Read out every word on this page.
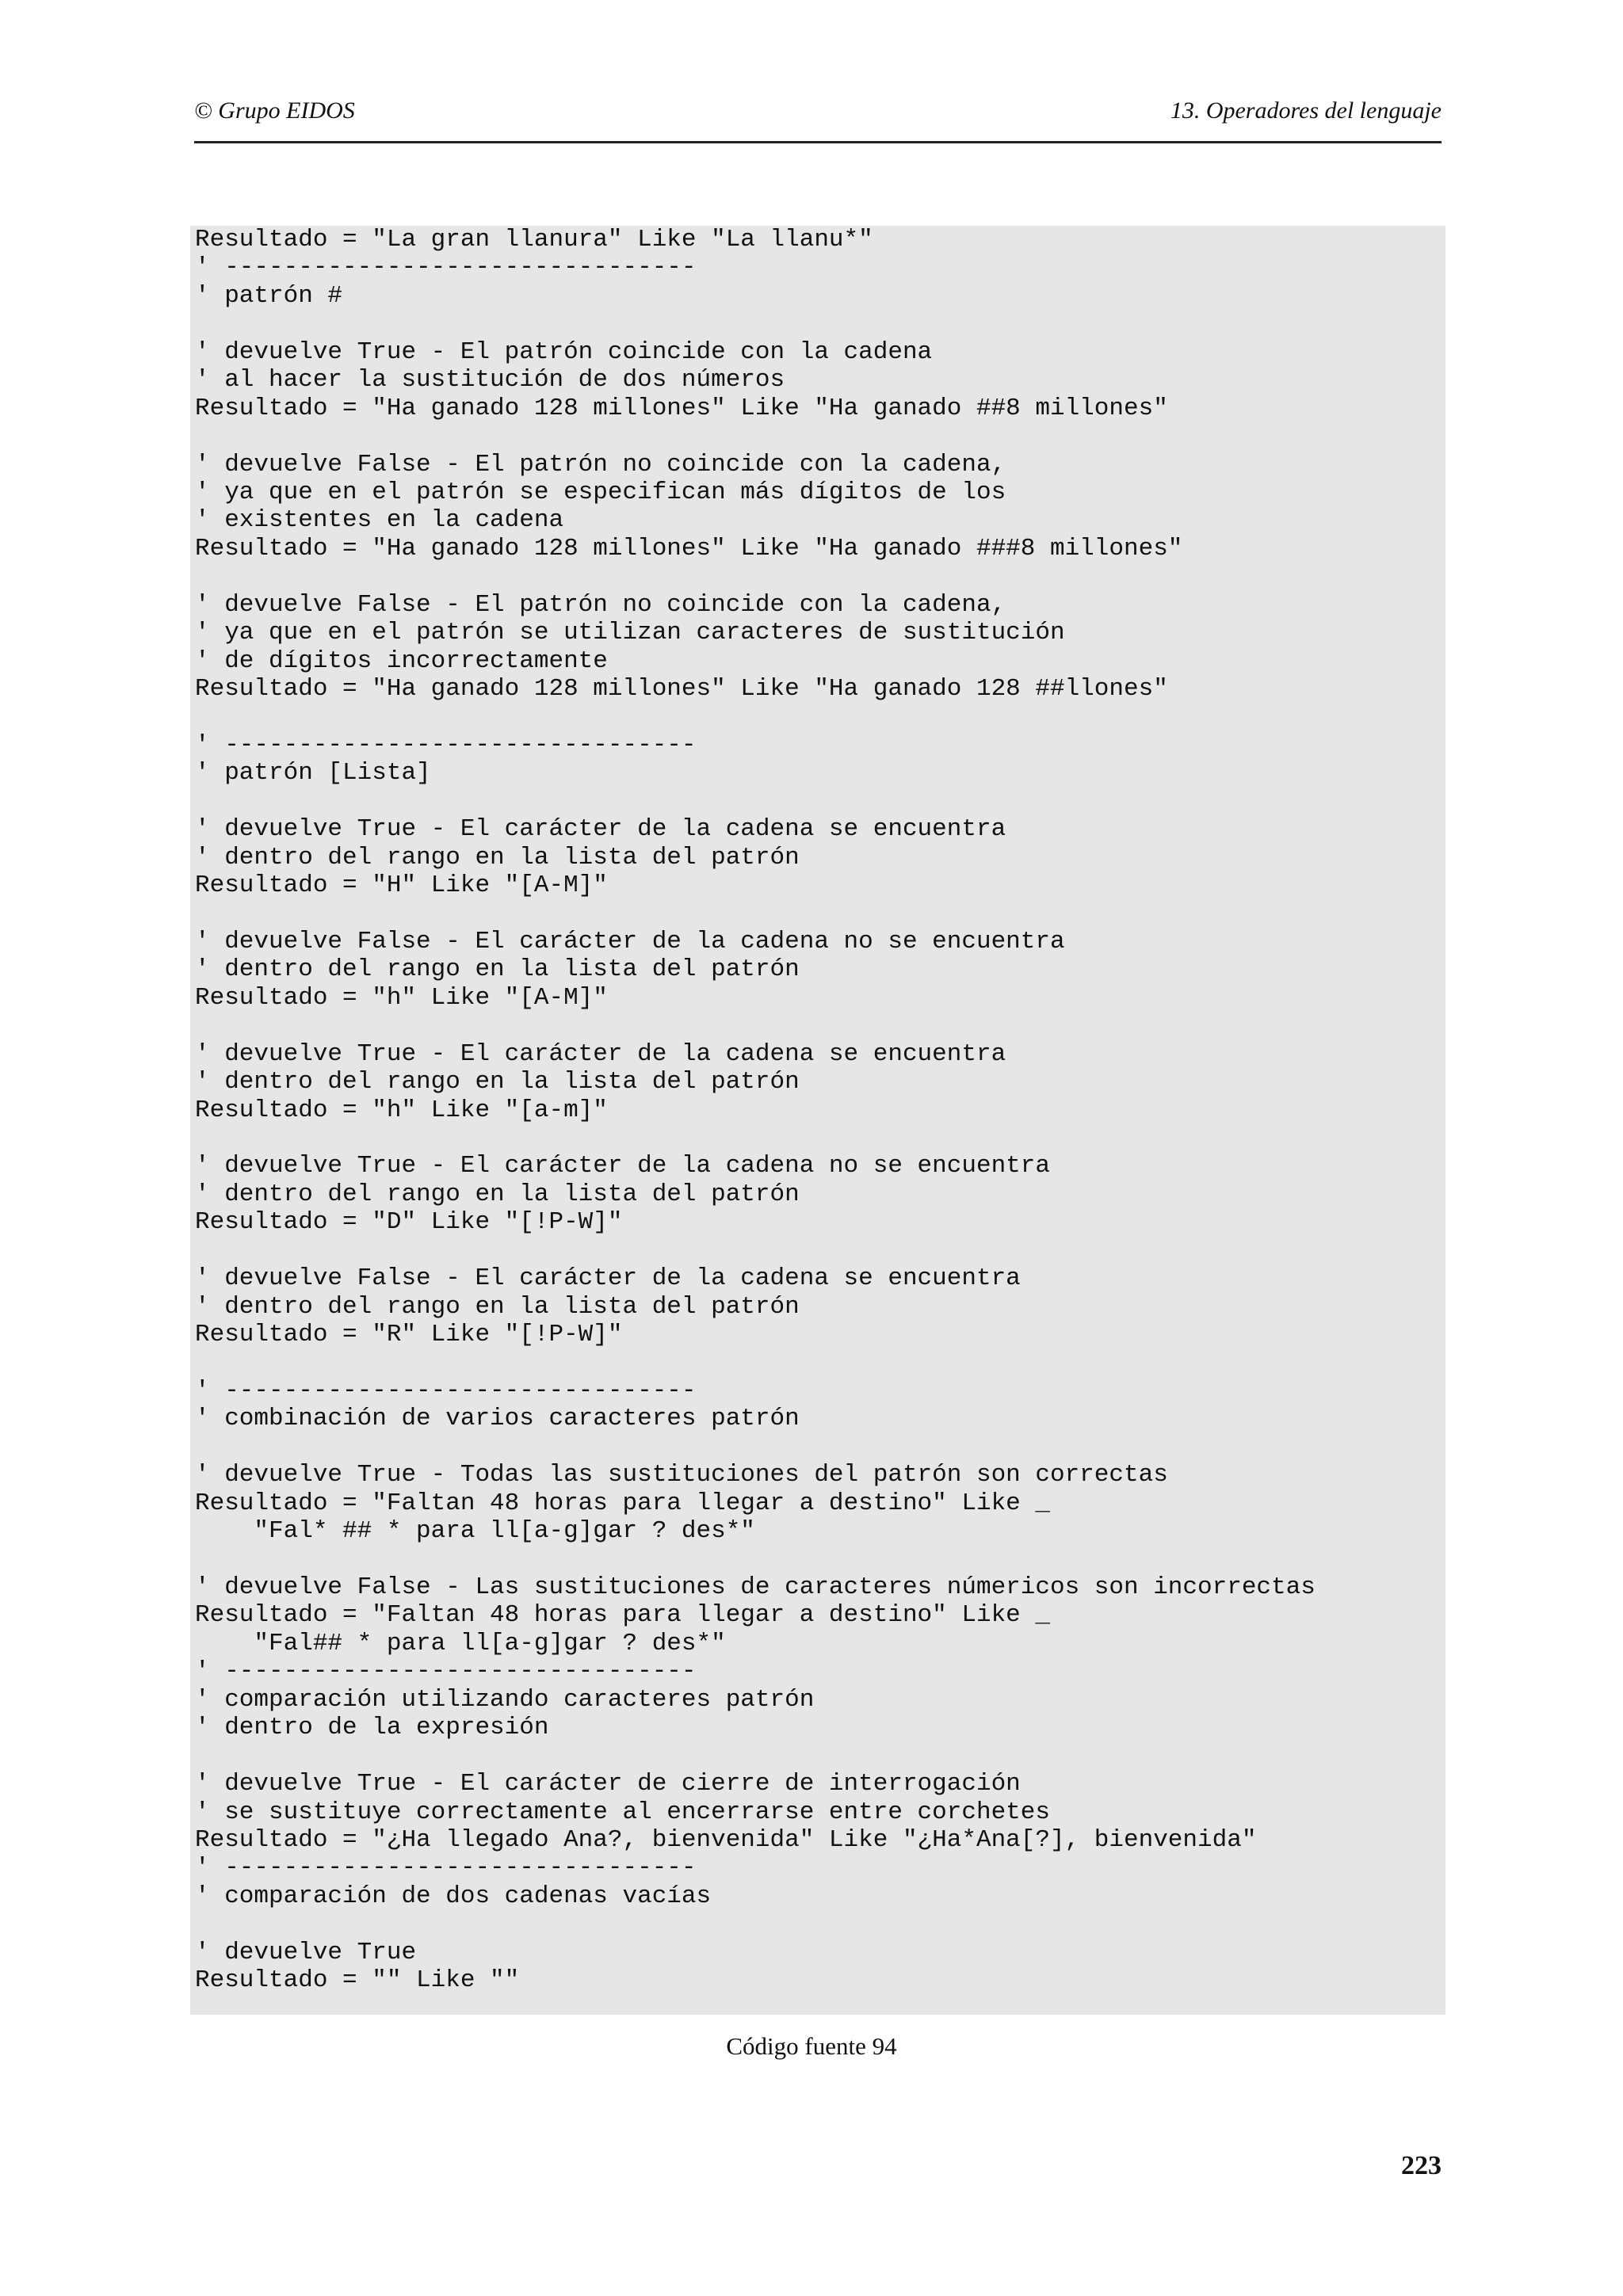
© Grupo EIDOS	13. Operadores del lenguaje
Resultado = "La gran llanura" Like "La llanu*"
' --------------------------------
' patrón #
' devuelve True - El patrón coincide con la cadena
' al hacer la sustitución de dos números
Resultado = "Ha ganado 128 millones" Like "Ha ganado ##8 millones"
' devuelve False - El patrón no coincide con la cadena,
' ya que en el patrón se especifican más dígitos de los
' existentes en la cadena
Resultado = "Ha ganado 128 millones" Like "Ha ganado ###8 millones"
' devuelve False - El patrón no coincide con la cadena,
' ya que en el patrón se utilizan caracteres de sustitución
' de dígitos incorrectamente
Resultado = "Ha ganado 128 millones" Like "Ha ganado 128 ##llones"
' --------------------------------
' patrón [Lista]
' devuelve True - El carácter de la cadena se encuentra
' dentro del rango en la lista del patrón
Resultado = "H" Like "[A-M]"
' devuelve False - El carácter de la cadena no se encuentra
' dentro del rango en la lista del patrón
Resultado = "h" Like "[A-M]"
' devuelve True - El carácter de la cadena se encuentra
' dentro del rango en la lista del patrón
Resultado = "h" Like "[a-m]"
' devuelve True - El carácter de la cadena no se encuentra
' dentro del rango en la lista del patrón
Resultado = "D" Like "[!P-W]"
' devuelve False - El carácter de la cadena se encuentra
' dentro del rango en la lista del patrón
Resultado = "R" Like "[!P-W]"
' --------------------------------
' combinación de varios caracteres patrón
' devuelve True - Todas las sustituciones del patrón son correctas
Resultado = "Faltan 48 horas para llegar a destino" Like _
"Fal* ## * para ll[a-g]gar ? des*"
' devuelve False - Las sustituciones de caracteres númericos son incorrectas
Resultado = "Faltan 48 horas para llegar a destino" Like _
"Fal## * para ll[a-g]gar ? des*"
' --------------------------------
' comparación utilizando caracteres patrón
' dentro de la expresión
' devuelve True - El carácter de cierre de interrogación
' se sustituye correctamente al encerrarse entre corchetes
Resultado = "¿Ha llegado Ana?, bienvenida" Like "¿Ha*Ana[?], bienvenida"
' --------------------------------
' comparación de dos cadenas vacías
' devuelve True
Resultado = "" Like ""
Código fuente 94
223
